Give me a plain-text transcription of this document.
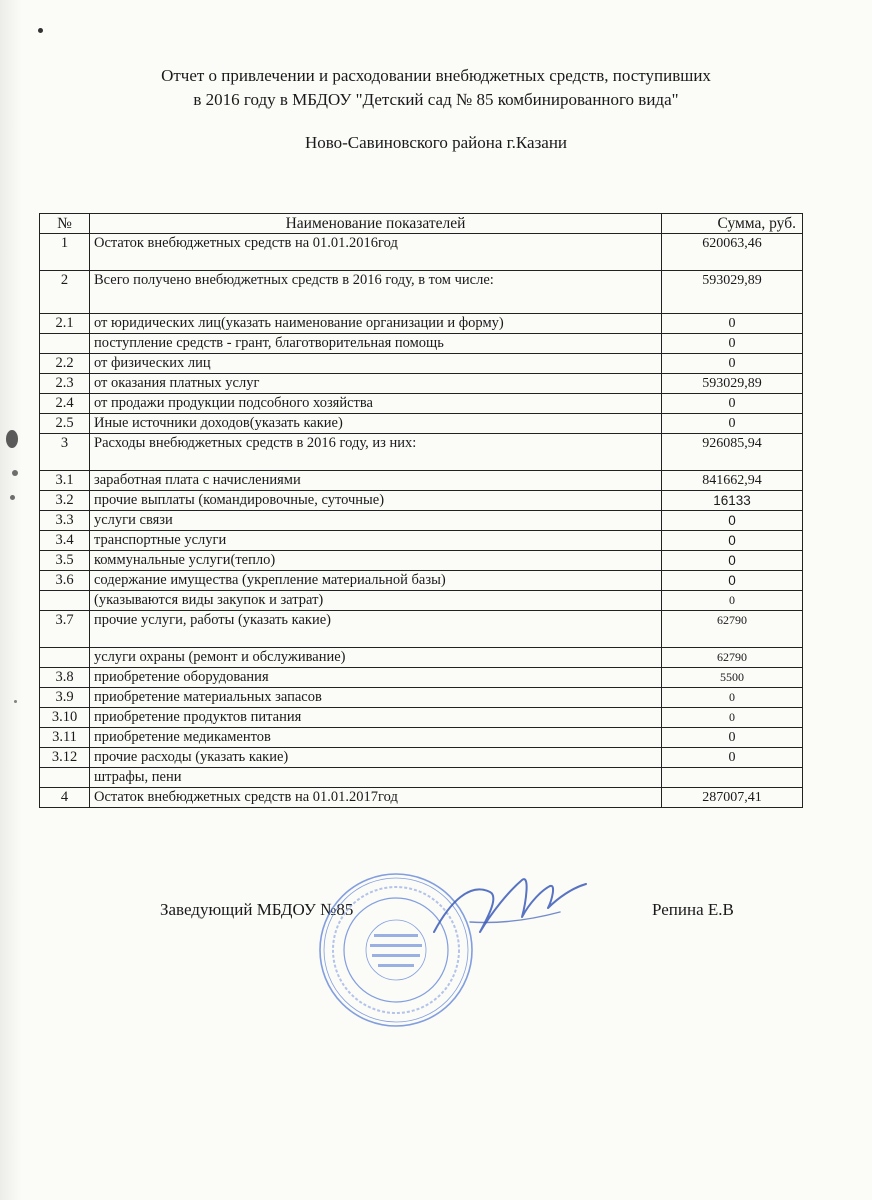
Отчет о привлечении и расходовании внебюджетных средств, поступивших
в 2016 году в МБДОУ "Детский сад № 85 комбинированного вида"
Ново-Савиновского района г.Казани
№	Наименование показателей	Сумма, руб.
1	Остаток внебюджетных средств на 01.01.2016год	620063,46
2	Всего получено внебюджетных средств в 2016 году, в том числе:	593029,89
2.1	от юридических лиц(указать наименование организации и форму)	0
	поступление средств - грант, благотворительная помощь	0
2.2	от физических лиц	0
2.3	от оказания платных услуг	593029,89
2.4	от продажи продукции подсобного хозяйства	0
2.5	Иные источники доходов(указать какие)	0
3	Расходы внебюджетных средств в 2016 году, из них:	926085,94
3.1	заработная плата с начислениями	841662,94
3.2	прочие выплаты (командировочные, суточные)	16133
3.3	услуги связи	0
3.4	транспортные услуги	0
3.5	коммунальные услуги(тепло)	0
3.6	содержание имущества (укрепление материальной базы)	0
	(указываются виды закупок и затрат)	0
3.7	прочие услуги, работы (указать какие)	62790
	услуги охраны (ремонт и обслуживание)	62790
3.8	приобретение оборудования	5500
3.9	приобретение материальных запасов	0
3.10	приобретение продуктов питания	0
3.11	приобретение медикаментов	0
3.12	прочие расходы (указать какие)	0
	штрафы, пени	
4	Остаток внебюджетных средств на 01.01.2017год	287007,41
Заведующий МБДОУ №85	Репина Е.В
